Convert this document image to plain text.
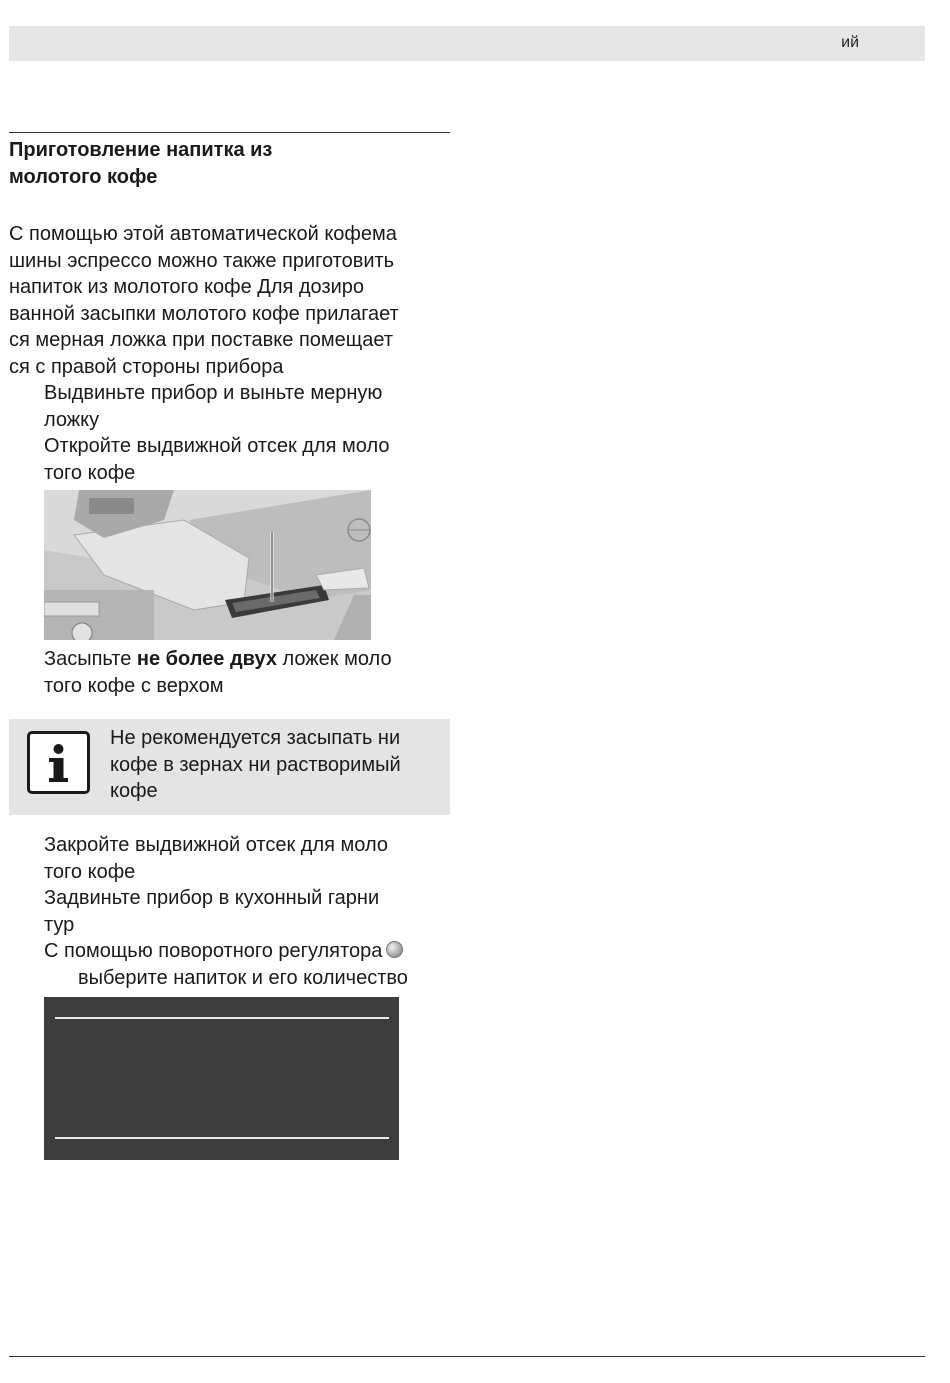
ий
Приготовление напитка из
молотого кофе
С помощью этой автоматической кофема
шины эспрессо можно также приготовить
напиток из молотого кофе Для дозиро
ванной засыпки молотого кофе прилагает
ся мерная ложка при поставке помещает
ся с правой стороны прибора
Выдвиньте прибор и выньте мерную
ложку
Откройте выдвижной отсек для моло
того кофе
Засыпьте не более двух ложек моло
того кофе с верхом
Не рекомендуется засыпать ни
кофе в зернах ни растворимый
кофе
Закройте выдвижной отсек для моло
того кофе
Задвиньте прибор в кухонный гарни
тур
С помощью поворотного регулятора
выберите напиток и его количество
